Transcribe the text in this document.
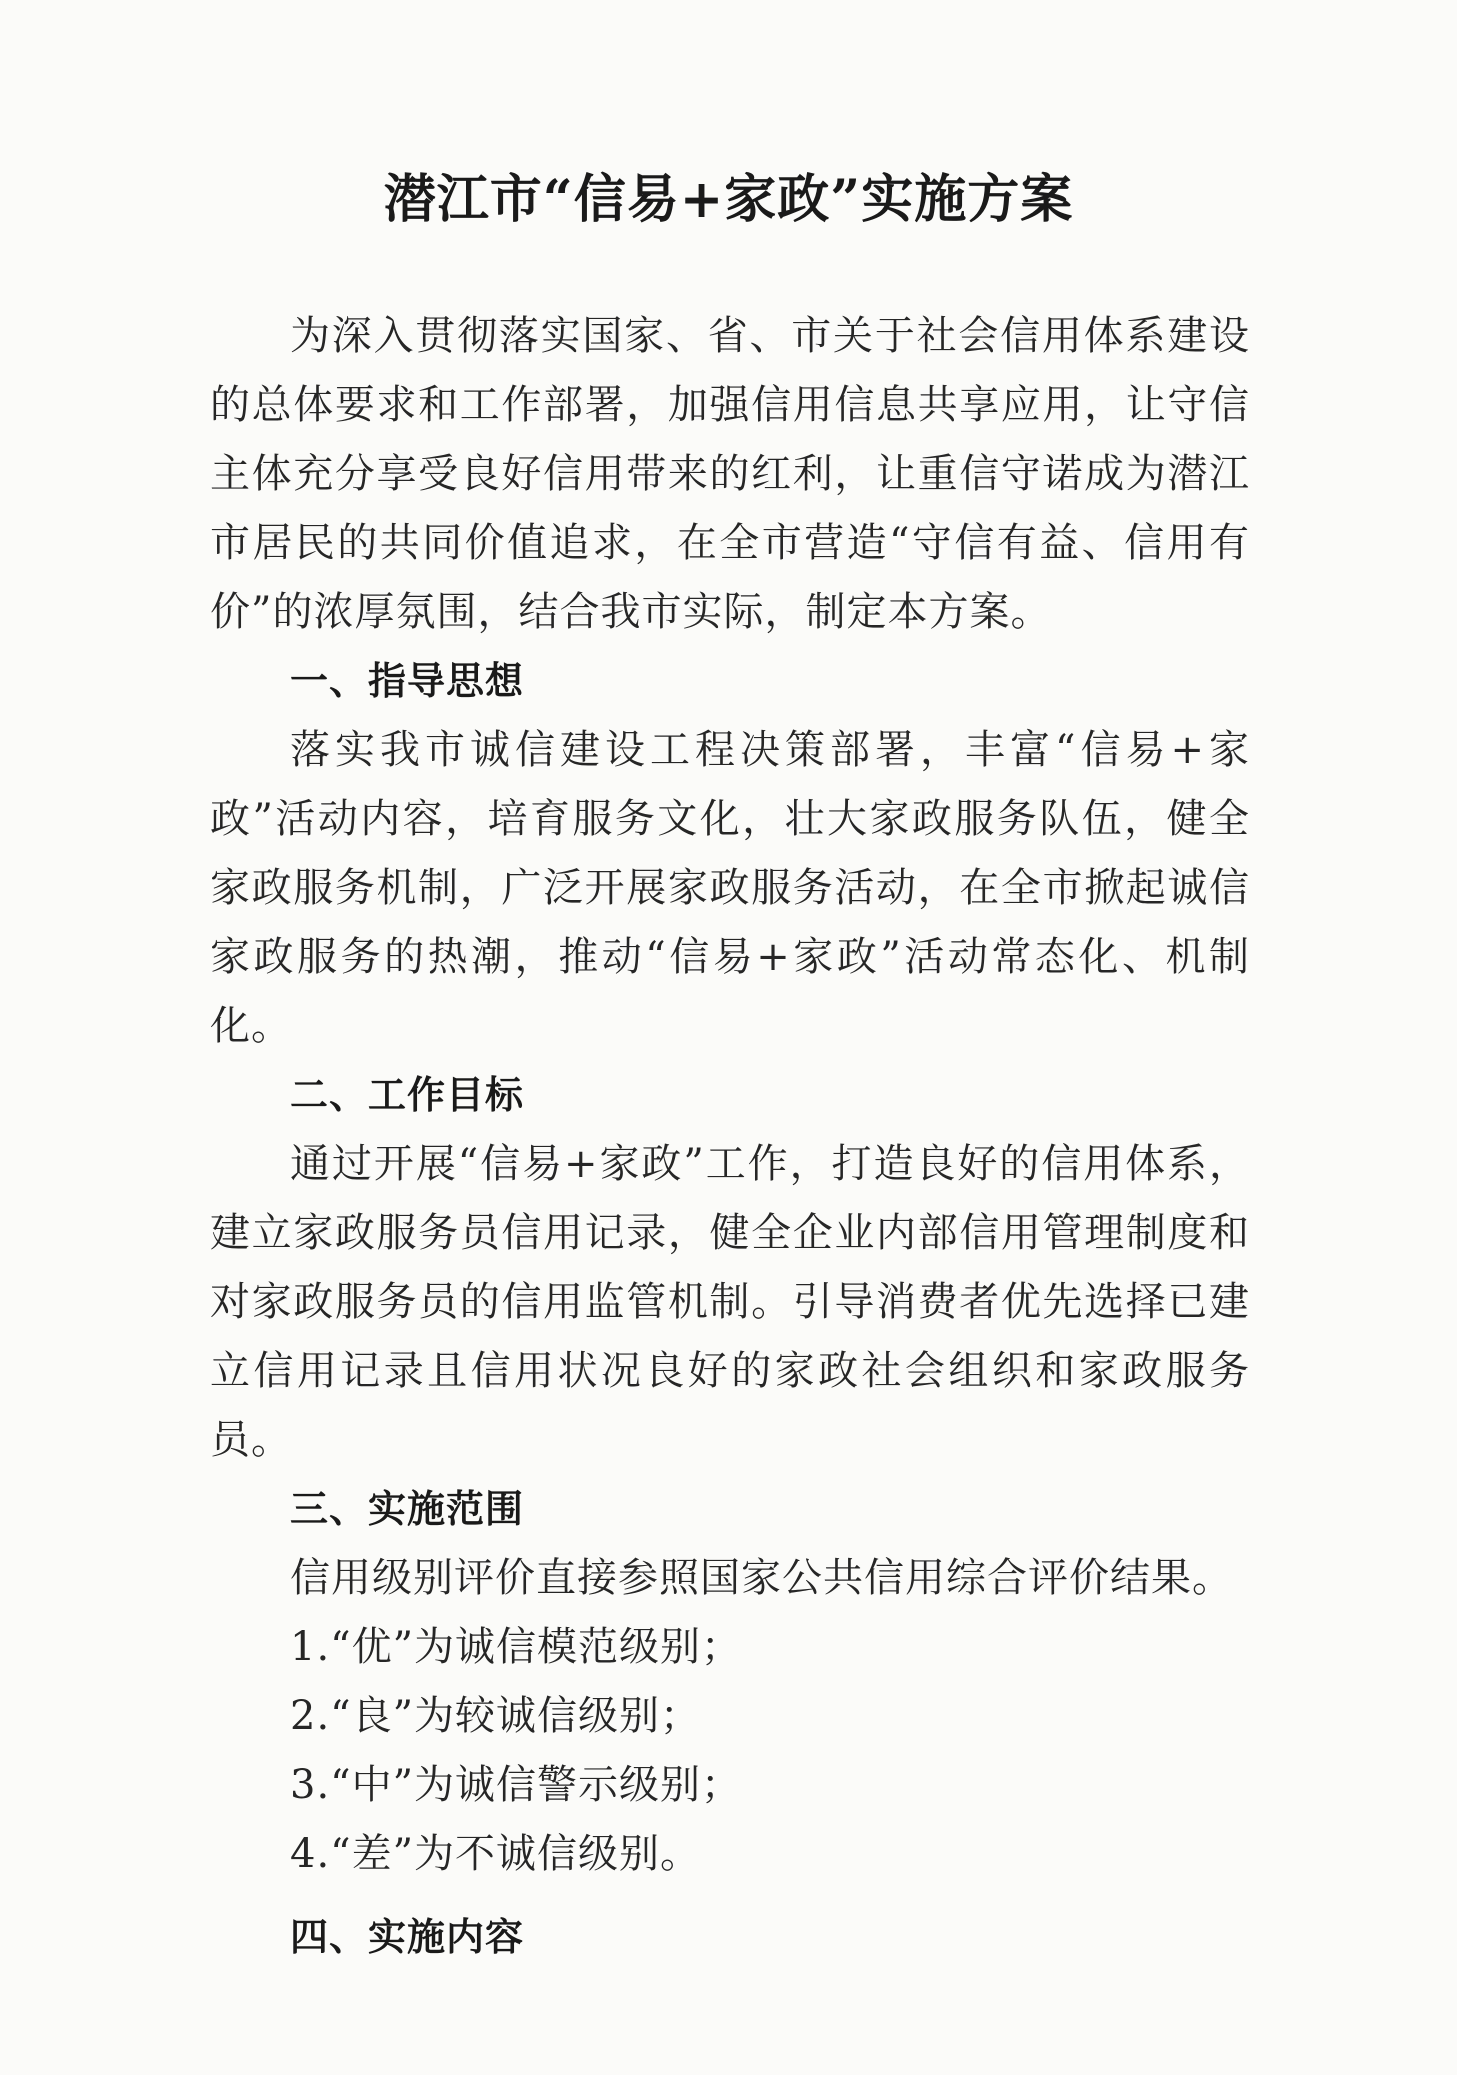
潜江市“信易+家政”实施方案

为深入贯彻落实国家、省、市关于社会信用体系建设的总体要求和工作部署，加强信用信息共享应用，让守信主体充分享受良好信用带来的红利，让重信守诺成为潜江市居民的共同价值追求，在全市营造“守信有益、信用有价”的浓厚氛围，结合我市实际，制定本方案。

一、指导思想

落实我市诚信建设工程决策部署，丰富“信易+家政”活动内容，培育服务文化，壮大家政服务队伍，健全家政服务机制，广泛开展家政服务活动，在全市掀起诚信家政服务的热潮，推动“信易+家政”活动常态化、机制化。

二、工作目标

通过开展“信易+家政”工作，打造良好的信用体系，建立家政服务员信用记录，健全企业内部信用管理制度和对家政服务员的信用监管机制。引导消费者优先选择已建立信用记录且信用状况良好的家政社会组织和家政服务员。

三、实施范围

信用级别评价直接参照国家公共信用综合评价结果。

1.“优”为诚信模范级别；

2.“良”为较诚信级别；

3.“中”为诚信警示级别；

4.“差”为不诚信级别。

四、实施内容
